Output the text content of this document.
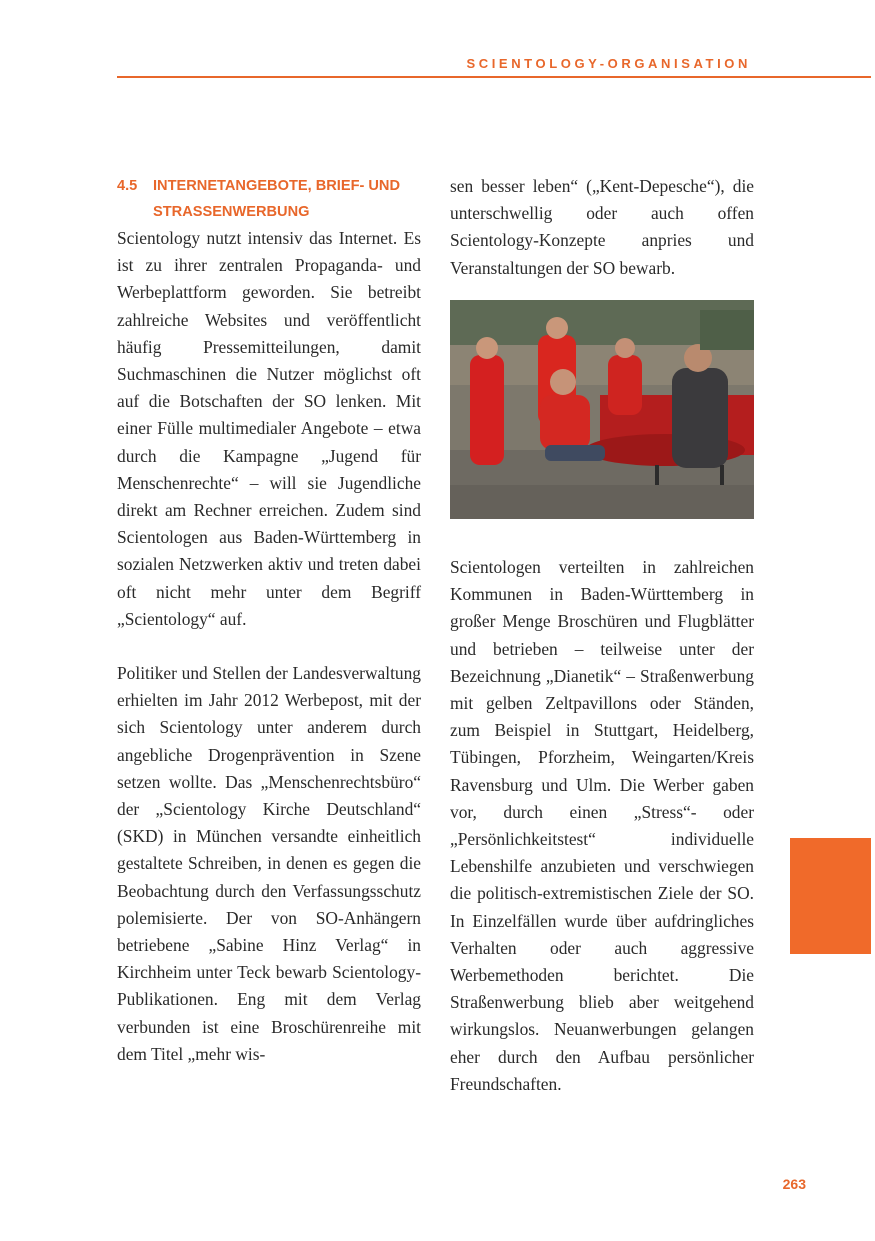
SCIENTOLOGY-ORGANISATION
4.5	INTERNETANGEBOTE, BRIEF- UND STRASSENWERBUNG

Scientology nutzt intensiv das Internet. Es ist zu ihrer zentralen Propaganda- und Werbeplattform geworden. Sie betreibt zahlreiche Websites und veröffentlicht häufig Pressemitteilungen, damit Suchmaschinen die Nutzer möglichst oft auf die Botschaften der SO lenken. Mit einer Fülle multimedialer Angebote – etwa durch die Kampagne „Jugend für Menschenrechte“ – will sie Jugendliche direkt am Rechner erreichen. Zudem sind Scientologen aus Baden-Württemberg in sozialen Netzwerken aktiv und treten dabei oft nicht mehr unter dem Begriff „Scientology“ auf.

Politiker und Stellen der Landesverwaltung erhielten im Jahr 2012 Werbepost, mit der sich Scientology unter anderem durch angebliche Drogenprävention in Szene setzen wollte. Das „Menschenrechtsbüro“ der „Scientology Kirche Deutschland“ (SKD) in München versandte einheitlich gestaltete Schreiben, in denen es gegen die Beobachtung durch den Verfassungsschutz polemisierte. Der von SO-Anhängern betriebene „Sabine Hinz Verlag“ in Kirchheim unter Teck bewarb Scientology-Publikationen. Eng mit dem Verlag verbunden ist eine Broschürenreihe mit dem Titel „mehr wis-

sen besser leben“ („Kent-Depesche“), die unterschwellig oder auch offen Scientology-Konzepte anpries und Veranstaltungen der SO bewarb.

Scientologen verteilten in zahlreichen Kommunen in Baden-Württemberg in großer Menge Broschüren und Flugblätter und betrieben – teilweise unter der Bezeichnung „Dianetik“ – Straßenwerbung mit gelben Zeltpavillons oder Ständen, zum Beispiel in Stuttgart, Heidelberg, Tübingen, Pforzheim, Weingarten/Kreis Ravensburg und Ulm. Die Werber gaben vor, durch einen „Stress“- oder „Persönlichkeitstest“ individuelle Lebenshilfe anzubieten und verschwiegen die politisch-extremistischen Ziele der SO. In Einzelfällen wurde über aufdringliches Verhalten oder auch aggressive Werbemethoden berichtet. Die Straßenwerbung blieb aber weitgehend wirkungslos. Neuanwerbungen gelangen eher durch den Aufbau persönlicher Freundschaften.

263
